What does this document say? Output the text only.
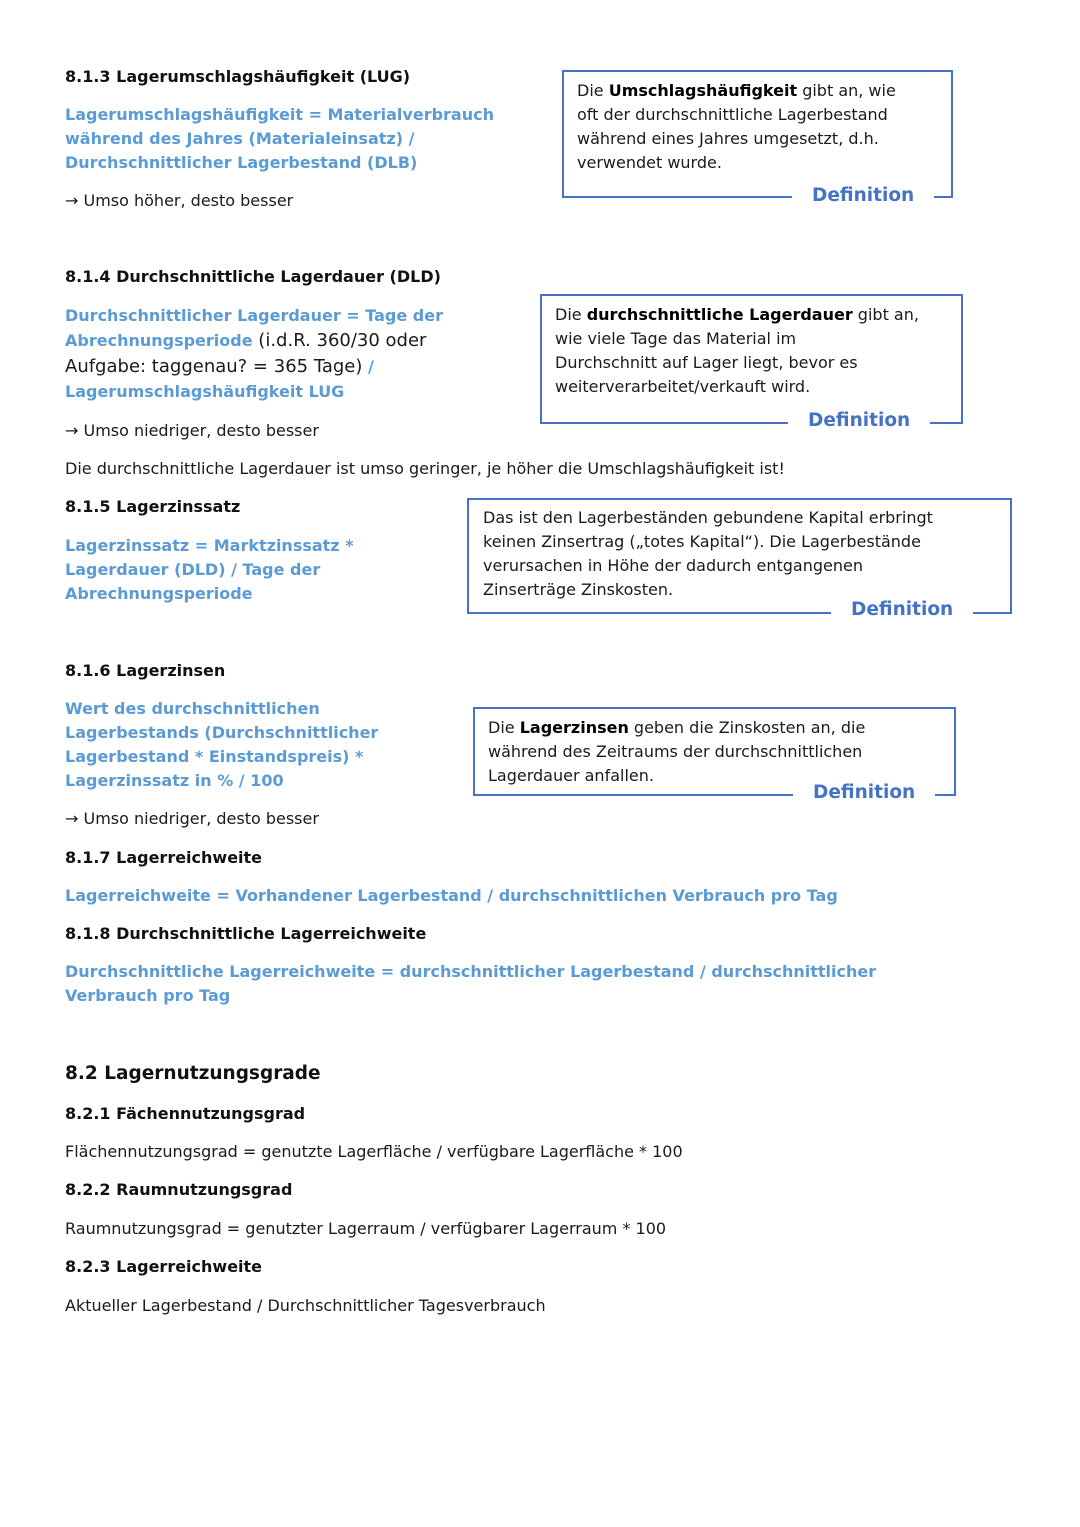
8.1.3 Lagerumschlagshäufigkeit (LUG)
Lagerumschlagshäufigkeit = Materialverbrauch
während des Jahres (Materialeinsatz) /
Durchschnittlicher Lagerbestand (DLB)
→ Umso höher, desto besser
Die Umschlagshäufigkeit gibt an, wie
oft der durchschnittliche Lagerbestand
während eines Jahres umgesetzt, d.h.
verwendet wurde.
Definition
8.1.4 Durchschnittliche Lagerdauer (DLD)
Durchschnittlicher Lagerdauer = Tage der
Abrechnungsperiode (i.d.R. 360/30 oder
Aufgabe: taggenau? = 365 Tage) /
Lagerumschlagshäufigkeit LUG
→ Umso niedriger, desto besser
Die durchschnittliche Lagerdauer gibt an,
wie viele Tage das Material im
Durchschnitt auf Lager liegt, bevor es
weiterverarbeitet/verkauft wird.
Definition
Die durchschnittliche Lagerdauer ist umso geringer, je höher die Umschlagshäufigkeit ist!
8.1.5 Lagerzinssatz
Lagerzinssatz = Marktzinssatz *
Lagerdauer (DLD) / Tage der
Abrechnungsperiode
Das ist den Lagerbeständen gebundene Kapital erbringt
keinen Zinsertrag („totes Kapital“). Die Lagerbestände
verursachen in Höhe der dadurch entgangenen
Zinserträge Zinskosten.
Definition
8.1.6 Lagerzinsen
Wert des durchschnittlichen
Lagerbestands (Durchschnittlicher
Lagerbestand * Einstandspreis) *
Lagerzinssatz in % / 100
Die Lagerzinsen geben die Zinskosten an, die
während des Zeitraums der durchschnittlichen
Lagerdauer anfallen.
Definition
→ Umso niedriger, desto besser
8.1.7 Lagerreichweite
Lagerreichweite = Vorhandener Lagerbestand / durchschnittlichen Verbrauch pro Tag
8.1.8 Durchschnittliche Lagerreichweite
Durchschnittliche Lagerreichweite = durchschnittlicher Lagerbestand / durchschnittlicher
Verbrauch pro Tag
8.2 Lagernutzungsgrade
8.2.1 Fächennutzungsgrad
Flächennutzungsgrad = genutzte Lagerfläche / verfügbare Lagerfläche * 100
8.2.2 Raumnutzungsgrad
Raumnutzungsgrad = genutzter Lagerraum / verfügbarer Lagerraum * 100
8.2.3 Lagerreichweite
Aktueller Lagerbestand / Durchschnittlicher Tagesverbrauch
